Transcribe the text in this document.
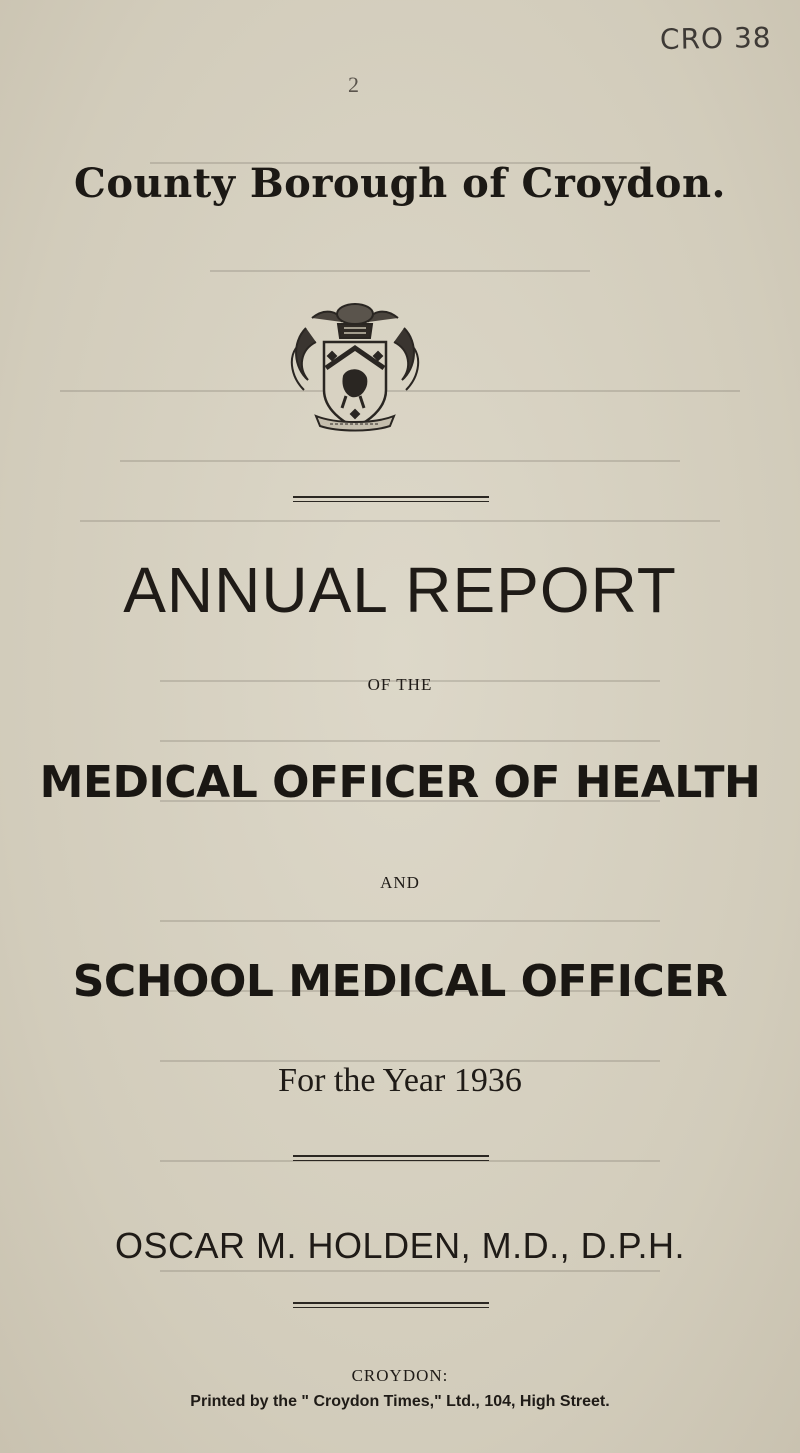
CRO 38
2
County Borough of Croydon.
ANNUAL REPORT
OF THE
MEDICAL OFFICER OF HEALTH
AND
SCHOOL MEDICAL OFFICER
For the Year 1936
OSCAR M. HOLDEN, M.D., D.P.H.
CROYDON:
Printed by the " Croydon Times," Ltd., 104, High Street.
